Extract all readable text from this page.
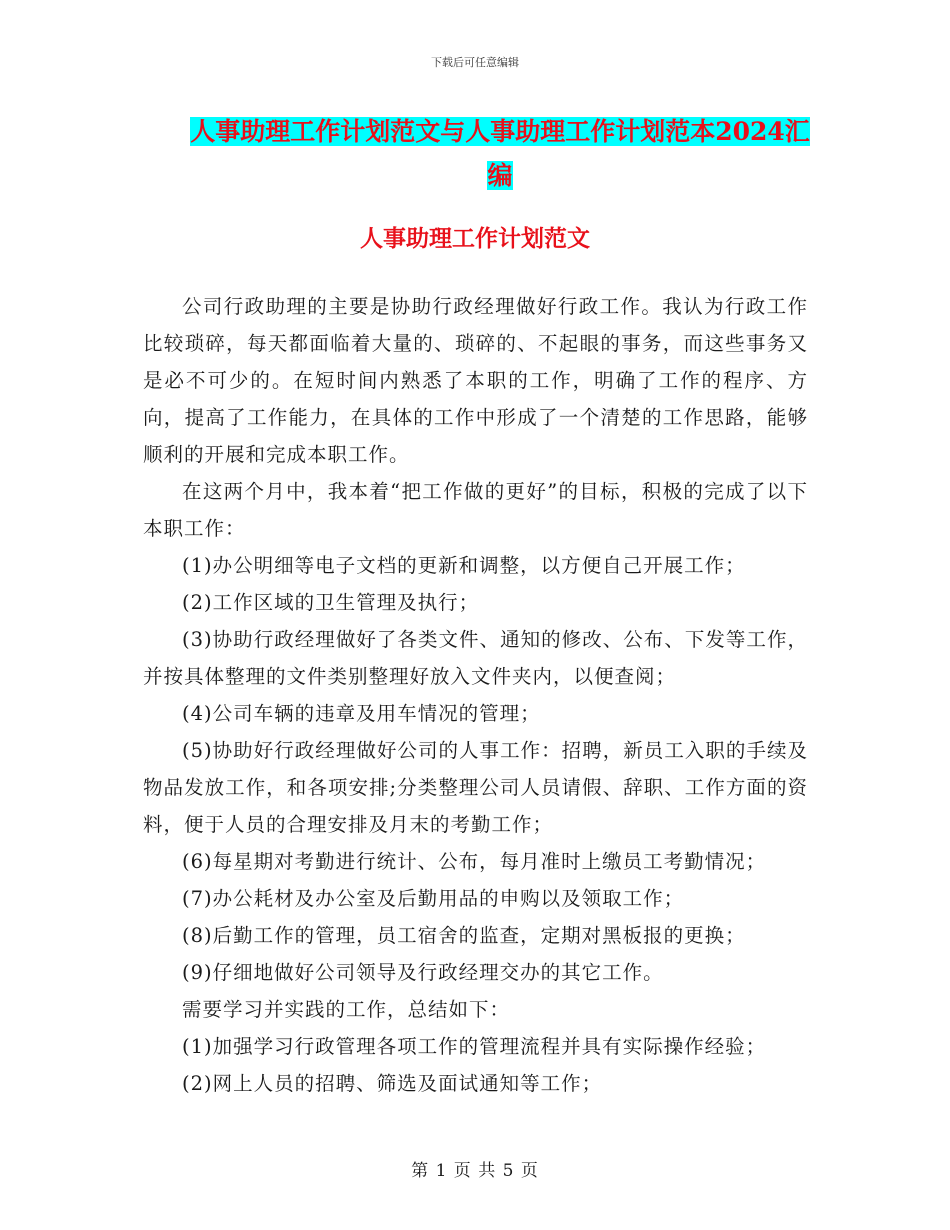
下载后可任意编辑
人事助理工作计划范文与人事助理工作计划范本2024汇编
人事助理工作计划范文

公司行政助理的主要是协助行政经理做好行政工作。我认为行政工作比较琐碎，每天都面临着大量的、琐碎的、不起眼的事务，而这些事务又是必不可少的。在短时间内熟悉了本职的工作，明确了工作的程序、方向，提高了工作能力，在具体的工作中形成了一个清楚的工作思路，能够顺利的开展和完成本职工作。

在这两个月中，我本着“把工作做的更好”的目标，积极的完成了以下本职工作：

(1)办公明细等电子文档的更新和调整，以方便自己开展工作；

(2)工作区域的卫生管理及执行；

(3)协助行政经理做好了各类文件、通知的修改、公布、下发等工作，并按具体整理的文件类别整理好放入文件夹内，以便查阅；

(4)公司车辆的违章及用车情况的管理；

(5)协助好行政经理做好公司的人事工作：招聘，新员工入职的手续及物品发放工作，和各项安排;分类整理公司人员请假、辞职、工作方面的资料，便于人员的合理安排及月末的考勤工作；

(6)每星期对考勤进行统计、公布，每月准时上缴员工考勤情况；

(7)办公耗材及办公室及后勤用品的申购以及领取工作；

(8)后勤工作的管理，员工宿舍的监查，定期对黑板报的更换；

(9)仔细地做好公司领导及行政经理交办的其它工作。

需要学习并实践的工作，总结如下：

(1)加强学习行政管理各项工作的管理流程并具有实际操作经验；

(2)网上人员的招聘、筛选及面试通知等工作；

第 1 页 共 5 页
